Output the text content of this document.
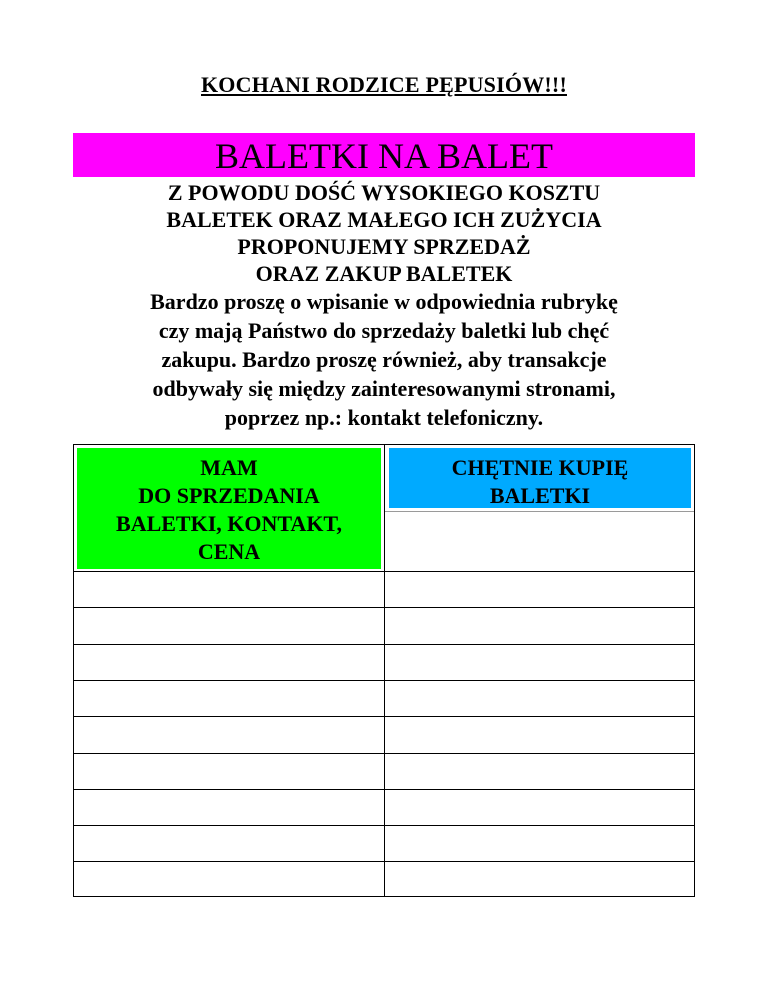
KOCHANI RODZICE PĘPUSIÓW!!!
BALETKI NA BALET
Z POWODU DOŚĆ WYSOKIEGO KOSZTU
BALETEK ORAZ MAŁEGO ICH ZUŻYCIA
PROPONUJEMY SPRZEDAŻ
ORAZ ZAKUP BALETEK
Bardzo proszę o wpisanie w odpowiednia rubrykę
czy mają Państwo do sprzedaży baletki lub chęć
zakupu. Bardzo proszę również, aby transakcje
odbywały się między zainteresowanymi stronami,
poprzez np.: kontakt telefoniczny.
MAM
DO SPRZEDANIA
BALETKI, KONTAKT,
CENA
CHĘTNIE KUPIĘ
BALETKI
